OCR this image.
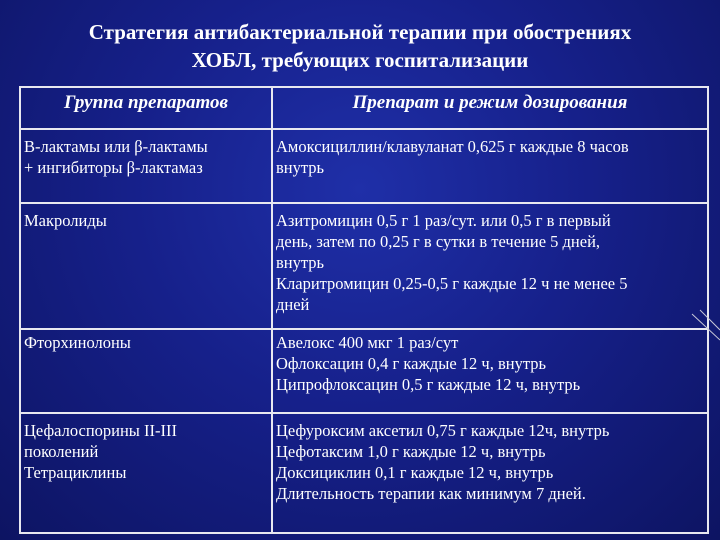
Стратегия антибактериальной терапии при обострениях
ХОБЛ, требующих госпитализации
Группа препаратов	Препарат и режим дозирования

В-лактамы или β-лактамы
+ ингибиторы β-лактамаз	Амоксициллин/клавуланат 0,625 г каждые 8 часов
внутрь

Макролиды	Азитромицин 0,5 г 1 раз/сут. или 0,5 г в первый
день, затем по 0,25 г в сутки в течение 5 дней,
внутрь
Кларитромицин 0,25-0,5 г каждые 12 ч не менее 5
дней

Фторхинолоны	Авелокс 400 мкг 1 раз/сут
Офлоксацин 0,4 г каждые 12 ч, внутрь
Ципрофлоксацин 0,5 г каждые 12 ч, внутрь

Цефалоспорины II-III
поколений
Тетрациклины	Цефуроксим аксетил 0,75 г каждые 12ч, внутрь
Цефотаксим 1,0 г каждые 12 ч, внутрь
Доксициклин 0,1 г каждые 12 ч, внутрь
Длительность терапии как минимум 7 дней.
